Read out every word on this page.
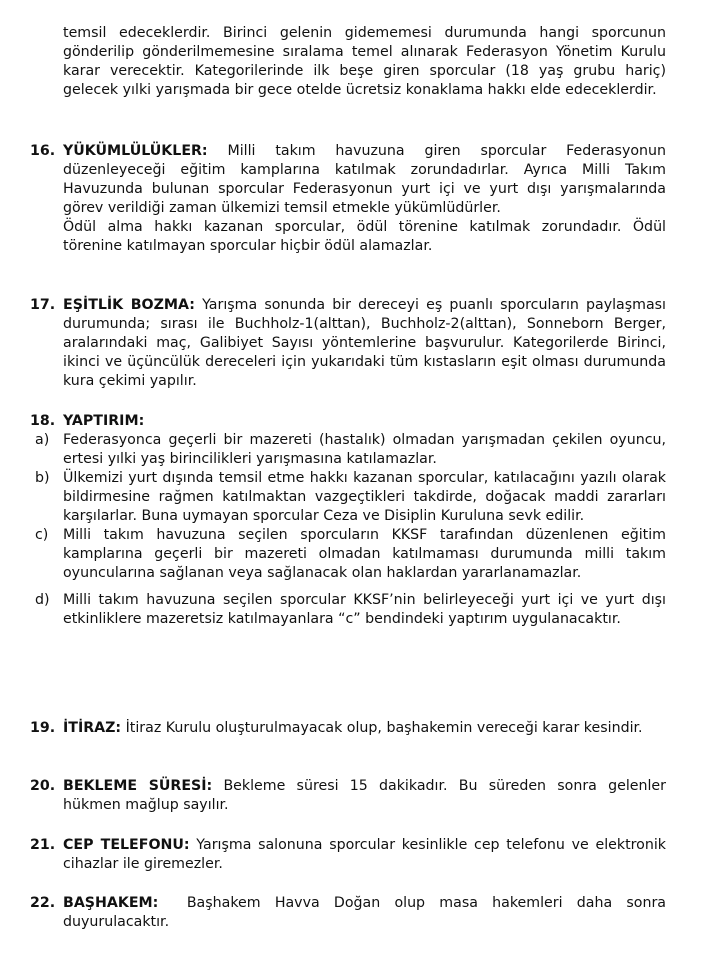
temsil edeceklerdir. Birinci gelenin gidememesi durumunda hangi sporcunun gönderilip gönderilmemesine sıralama temel alınarak Federasyon Yönetim Kurulu karar verecektir. Kategorilerinde ilk beşe giren sporcular (18 yaş grubu hariç) gelecek yılki yarışmada bir gece otelde ücretsiz konaklama hakkı elde edeceklerdir.

16. YÜKÜMLÜLÜKLER: Milli takım havuzuna giren sporcular Federasyonun düzenleyeceği eğitim kamplarına katılmak zorundadırlar. Ayrıca Milli Takım Havuzunda bulunan sporcular Federasyonun yurt içi ve yurt dışı yarışmalarında görev verildiği zaman ülkemizi temsil etmekle yükümlüdürler.

Ödül alma hakkı kazanan sporcular, ödül törenine katılmak zorundadır. Ödül törenine katılmayan sporcular hiçbir ödül alamazlar.

17. EŞİTLİK BOZMA: Yarışma sonunda bir dereceyi eş puanlı sporcuların paylaşması durumunda; sırası ile Buchholz-1(alttan), Buchholz-2(alttan), Sonneborn Berger, aralarındaki maç, Galibiyet Sayısı yöntemlerine başvurulur. Kategorilerde Birinci, ikinci ve üçüncülük dereceleri için yukarıdaki tüm kıstasların eşit olması durumunda kura çekimi yapılır.
18. YAPTIRIM:
a) Federasyonca geçerli bir mazereti (hastalık) olmadan yarışmadan çekilen oyuncu, ertesi yılki yaş birincilikleri yarışmasına katılamazlar.
b) Ülkemizi yurt dışında temsil etme hakkı kazanan sporcular, katılacağını yazılı olarak bildirmesine rağmen katılmaktan vazgeçtikleri takdirde, doğacak maddi zararları karşılarlar. Buna uymayan sporcular Ceza ve Disiplin Kuruluna sevk edilir.
c) Milli takım havuzuna seçilen sporcuların KKSF tarafından düzenlenen eğitim kamplarına geçerli bir mazereti olmadan katılmaması durumunda milli takım oyuncularına sağlanan veya sağlanacak olan haklardan yararlanamazlar.
d) Milli takım havuzuna seçilen sporcular KKSF’nin belirleyeceği yurt içi ve yurt dışı etkinliklere mazeretsiz katılmayanlara “c” bendindeki yaptırım uygulanacaktır.
19. İTİRAZ: İtiraz Kurulu oluşturulmayacak olup, başhakemin vereceği karar kesindir.
20. BEKLEME SÜRESİ: Bekleme süresi 15 dakikadır. Bu süreden sonra gelenler hükmen mağlup sayılır.
21. CEP TELEFONU: Yarışma salonuna sporcular kesinlikle cep telefonu ve elektronik cihazlar ile giremezler.
22. BAŞHAKEM:  Başhakem Havva Doğan olup masa hakemleri daha sonra duyurulacaktır.
